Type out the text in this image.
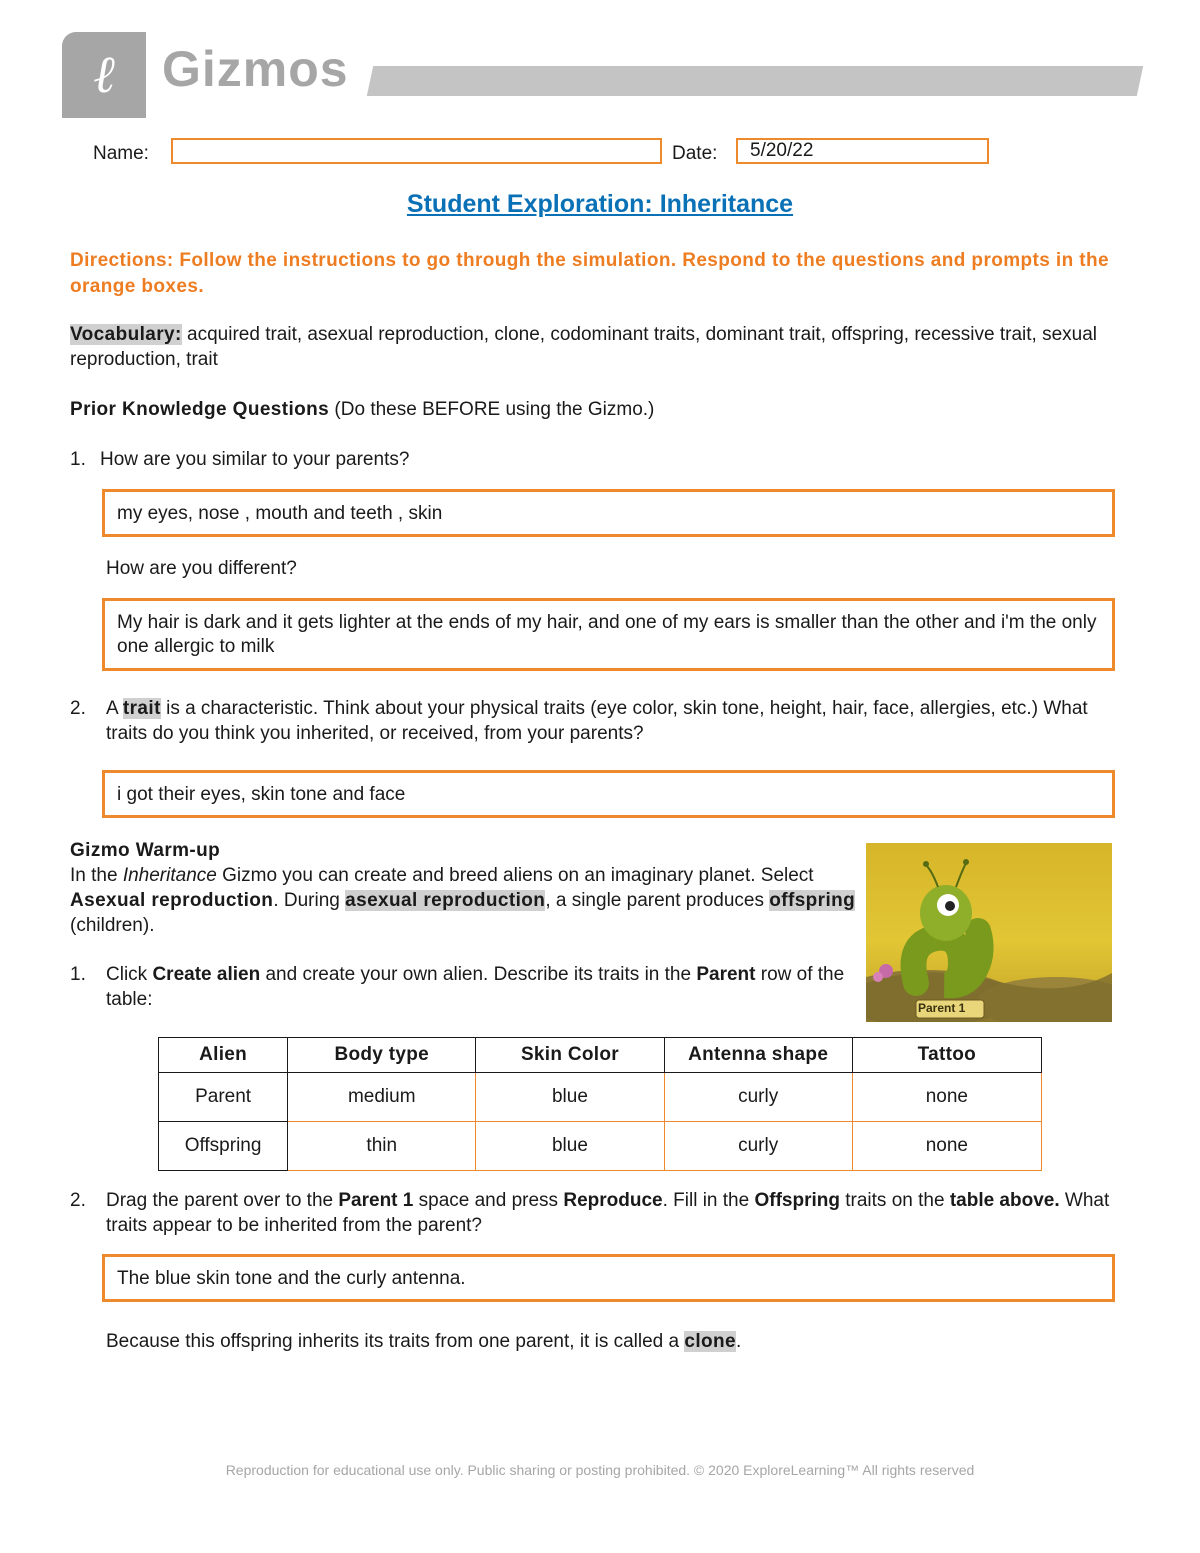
ℓ Gizmos
Name:	Date:	5/20/22
Student Exploration: Inheritance
Directions: Follow the instructions to go through the simulation. Respond to the questions and prompts in the orange boxes.
Vocabulary: acquired trait, asexual reproduction, clone, codominant traits, dominant trait, offspring, recessive trait, sexual reproduction, trait
Prior Knowledge Questions (Do these BEFORE using the Gizmo.)
1. How are you similar to your parents?
my eyes, nose , mouth and teeth , skin
How are you different?
My hair is dark and it gets lighter at the ends of my hair, and one of my ears is smaller than the other and i'm the only one allergic to milk
2.	A trait is a characteristic. Think about your physical traits (eye color, skin tone, height, hair, face, allergies, etc.) What traits do you think you inherited, or received, from your parents?
i got their eyes, skin tone and face
Gizmo Warm-up
In the Inheritance Gizmo you can create and breed aliens on an imaginary planet. Select Asexual reproduction. During asexual reproduction, a single parent produces offspring (children).
Parent 1
1. Click Create alien and create your own alien. Describe its traits in the Parent row of the table:
Alien	Body type	Skin Color	Antenna shape	Tattoo
Parent	medium	blue	curly	none
Offspring	thin	blue	curly	none
2. Drag the parent over to the Parent 1 space and press Reproduce. Fill in the Offspring traits on the table above. What traits appear to be inherited from the parent?
The blue skin tone and the curly antenna.
Because this offspring inherits its traits from one parent, it is called a clone.
Reproduction for educational use only. Public sharing or posting prohibited. © 2020 ExploreLearning™ All rights reserved
